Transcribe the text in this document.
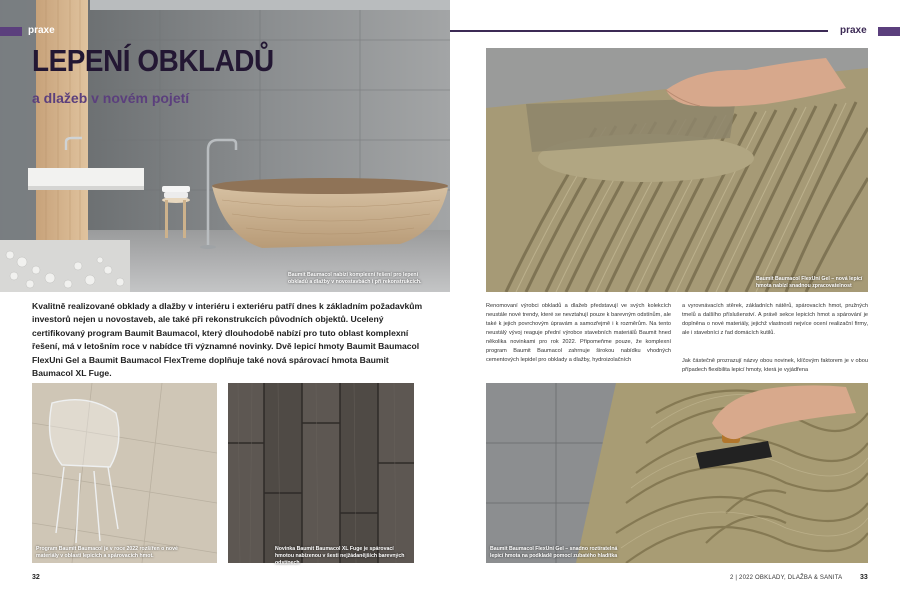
praxe
LEPENÍ OBKLADŮ
a dlažeb v novém pojetí
Baumit Baumacol nabízí komplexní řešení pro lepení obkladů a dlažby v novostavbách i při rekonstrukcích.
Kvalitně realizované obklady a dlažby v interiéru i exteriéru patří dnes k základním požadavkům investorů nejen u novostaveb, ale také při rekonstrukcích původních objektů. Ucelený certifikovaný program Baumit Baumacol, který dlouhodobě nabízí pro tuto oblast komplexní řešení, má v letošním roce v nabídce tři významné novinky. Dvě lepicí hmoty Baumit Baumacol FlexUni Gel a Baumit Baumacol FlexTreme doplňuje také nová spárovací hmota Baumit Baumacol XL Fuge.
Program Baumit Baumacol je v roce 2022 rozšířen o nové materiály v oblasti lepicích a spárovacích hmot.
Novinka Baumit Baumacol XL Fuge je spárovací hmotou nabízenou v šesti nejžádanějších barevných odstínech
32
praxe
Baumit Baumacol FlexUni Gel – nová lepicí hmota nabízí snadnou zpracovatelnost
Renomovaní výrobci obkladů a dlažeb představují ve svých kolekcích neustále nové trendy, které se nevztahují pouze k barevným odstínům, ale také k jejich povrchovým úpravám a samozřejmě i k rozměrům. Na tento neustálý vývoj reaguje přední výrobce stavebních materiálů Baumit hned několika novinkami pro rok 2022. Připomeňme pouze, že komplexní program Baumit Baumacol zahrnuje širokou nabídku vhodných cementových lepidel pro obklady a dlažby, hydroizolačních
a vyrovnávacích stěrek, základních nátěrů, spárovacích hmot, pružných tmelů a dalšího příslušenství. A právě sekce lepicích hmot a spárování je doplněna o nové materiály, jejichž vlastnosti nejvíce ocení realizační firmy, ale i stavebníci z řad domácích kutilů.
Jak částečně prozrazují názvy obou novinek, klíčovým faktorem je v obou případech flexibilita lepicí hmoty, která je vyjádřena
Baumit Baumacol FlexUni Gel – snadno roztíratelná lepicí hmota na podkladě pomocí zubatého hladítka
2 | 2022 OBKLADY, DLAŽBA & SANITA	33
